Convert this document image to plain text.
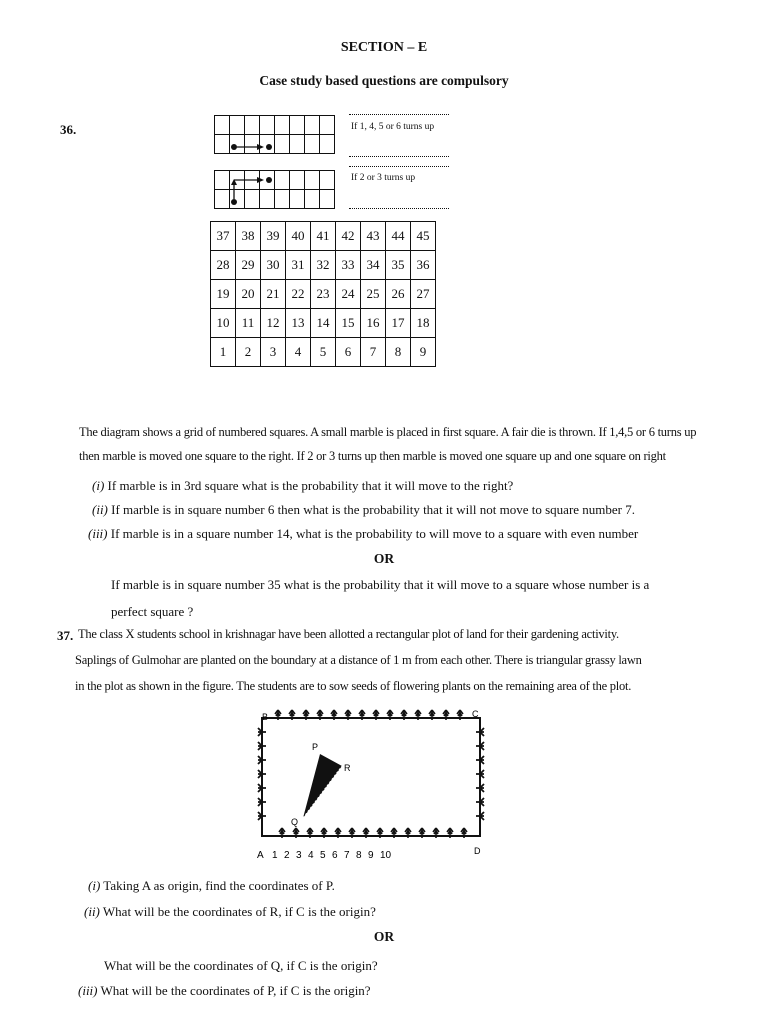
SECTION – E
Case study based questions are compulsory
36.

								If 1, 4, 5 or 6 turns up

If 2 or 3 turns up
37	38	39	40	41	42	43	44	45
28	29	30	31	32	33	34	35	36
19	20	21	22	23	24	25	26	27
10	11	12	13	14	15	16	17	18
1	2	3	4	5	6	7	8	9
The diagram shows a grid of numbered squares. A small marble is placed in first square. A fair die is thrown. If 1,4,5 or 6 turns up
then marble is moved one square to the right. If 2 or 3 turns up then marble is moved one square up and one square on right
(i) If marble is in 3rd square what is the probability that it will move to the right?
(ii) If marble is in square number 6 then what is the probability that it will not move to square number 7.
(iii) If marble is in a square number 14, what is the probability to will move to a square with even number
OR
If marble is in square number 35 what is the probability that it will move to a square whose number is a
perfect square ?
37. The class X students school in krishnagar have been allotted a rectangular plot of land for their gardening activity.
Saplings of Gulmohar are planted on the boundary at a distance of 1 m from each other. There is triangular grassy lawn
in the plot as shown in the figure. The students are to sow seeds of flowering plants on the remaining area of the plot.
B	C
P
R
Q
A	D
1 2 3 4 5 6 7 8 9 10
(i) Taking A as origin, find the coordinates of P.
(ii) What will be the coordinates of R, if C is the origin?
OR
What will be the coordinates of Q, if C is the origin?
(iii) What will be the coordinates of P, if C is the origin?
